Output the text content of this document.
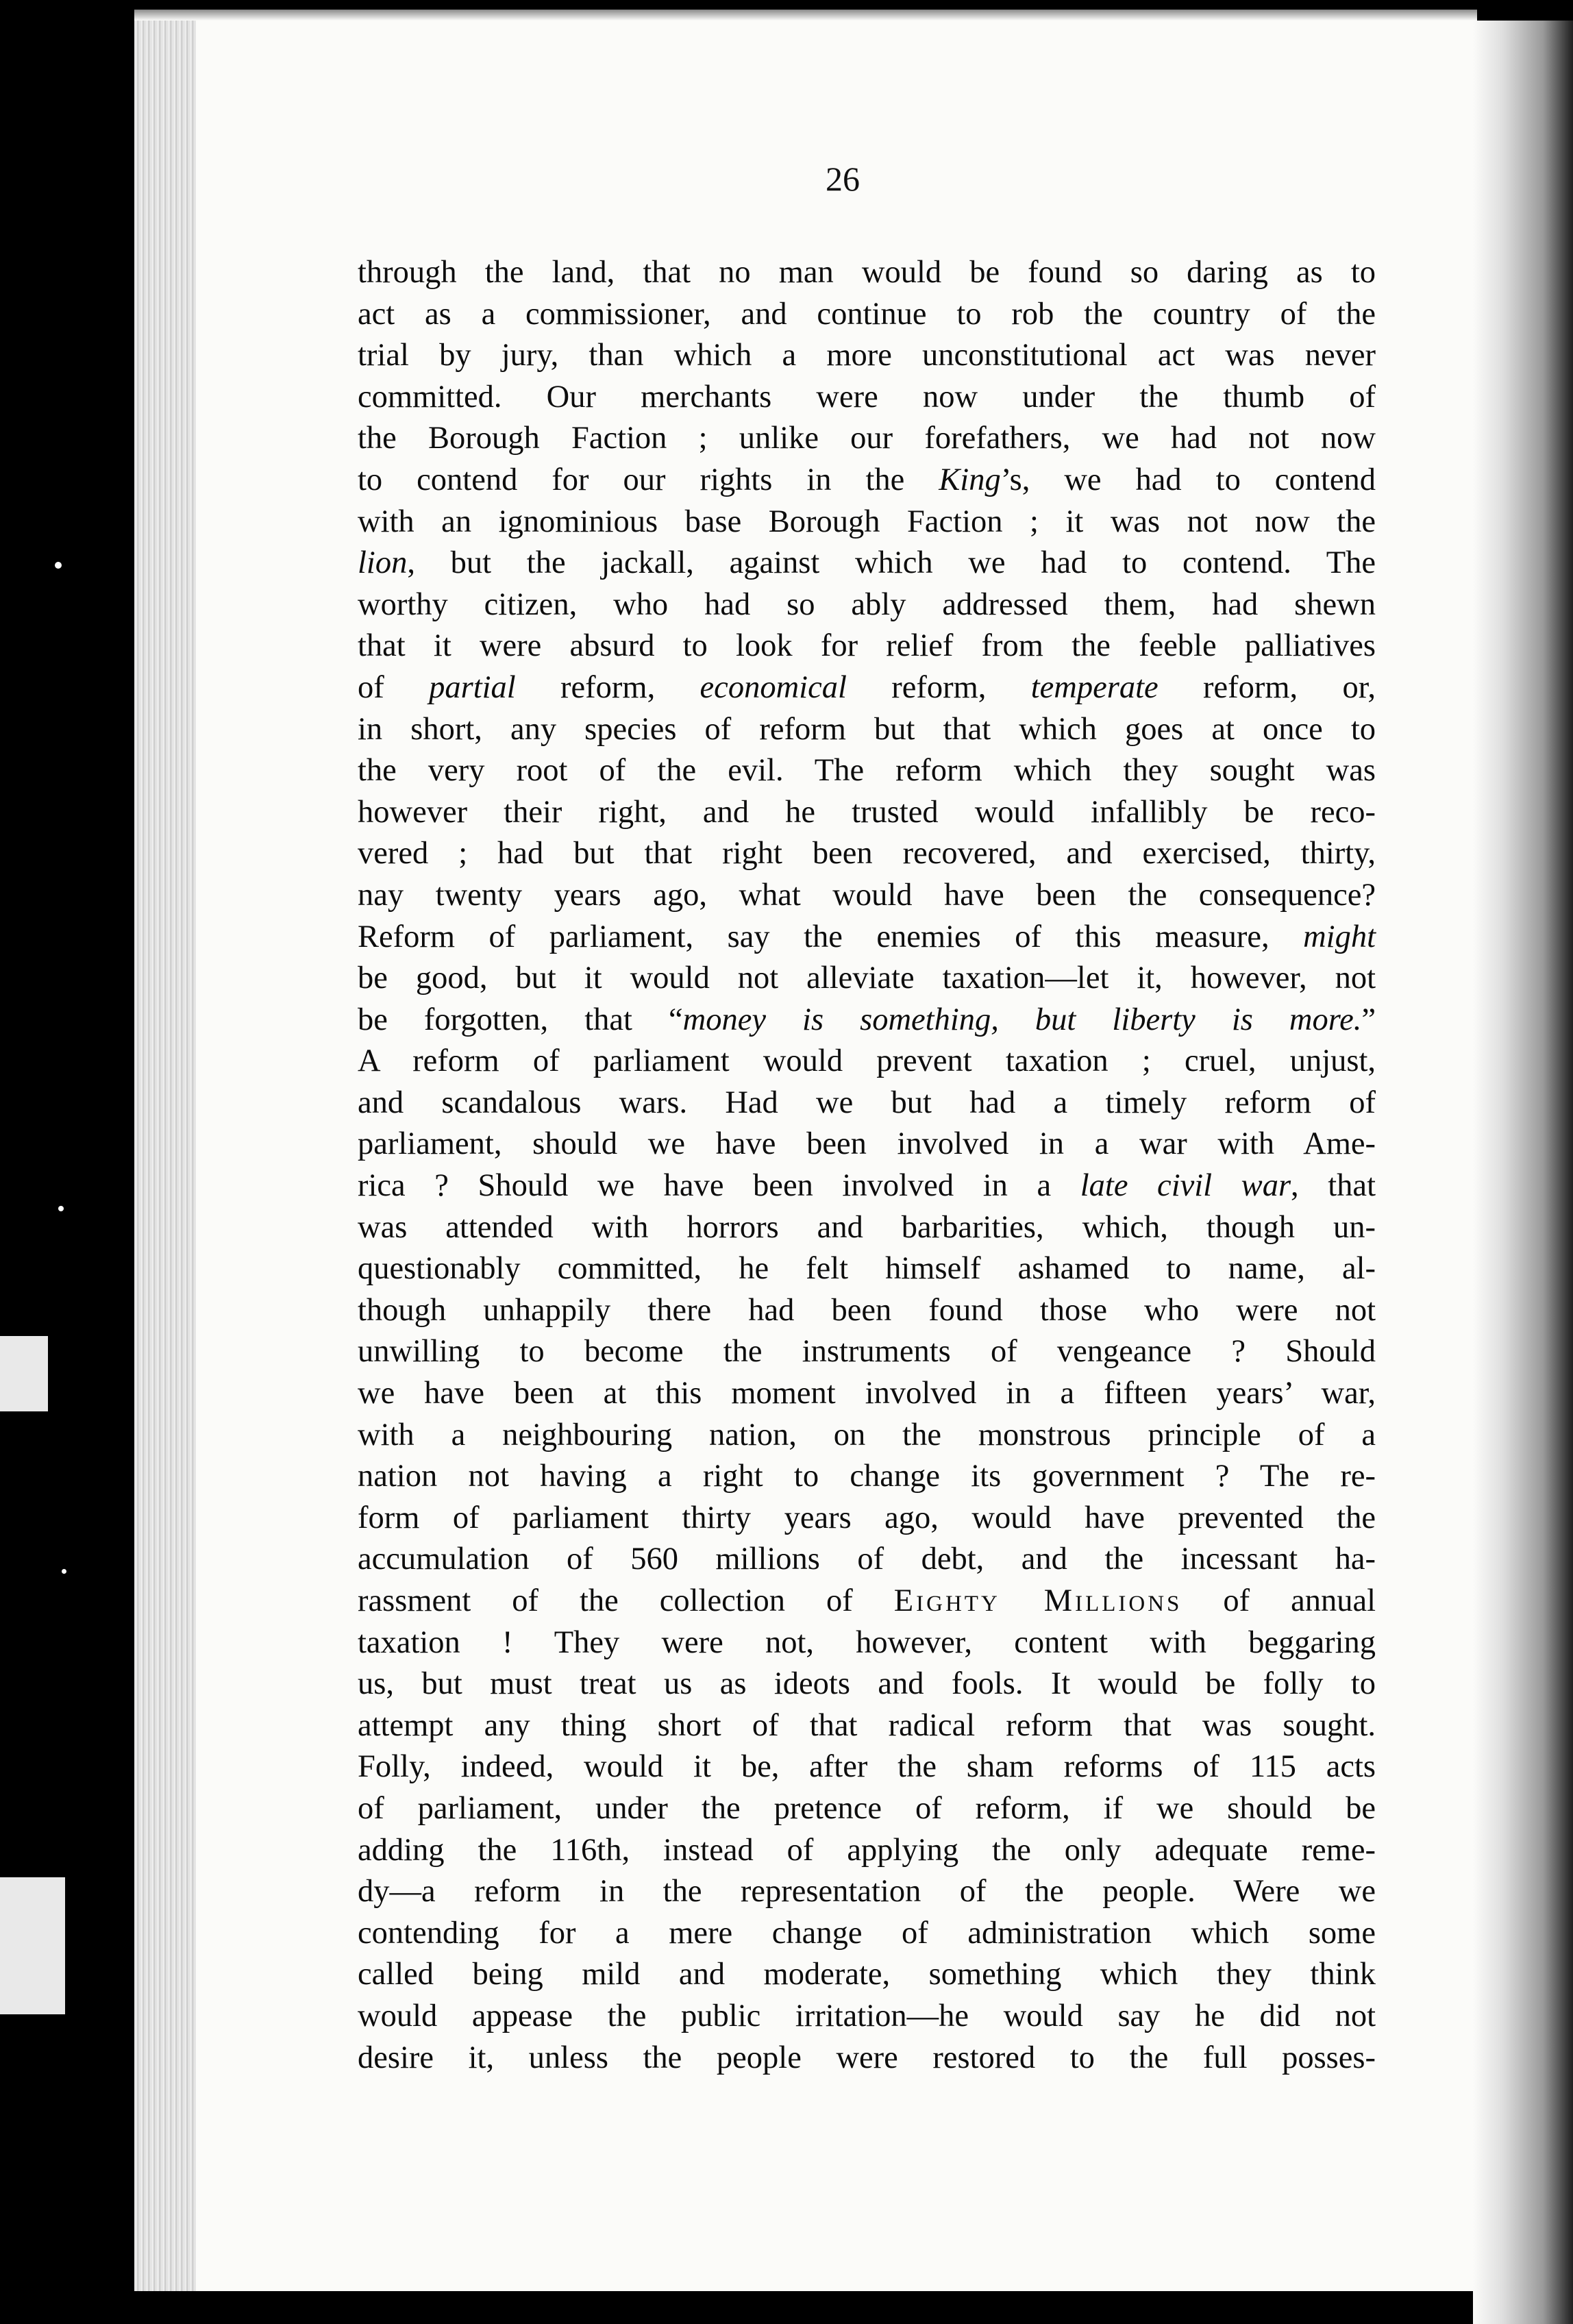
26
through the land, that no man would be found so daring as to
act as a commissioner, and continue to rob the country of the
trial by jury, than which a more unconstitutional act was never
committed. Our merchants were now under the thumb of
the Borough Faction ; unlike our forefathers, we had not now
to contend for our rights in the King’s, we had to contend
with an ignominious base Borough Faction ; it was not now the
lion, but the jackall, against which we had to contend. The
worthy citizen, who had so ably addressed them, had shewn
that it were absurd to look for relief from the feeble palliatives
of partial reform, economical reform, temperate reform, or,
in short, any species of reform but that which goes at once to
the very root of the evil. The reform which they sought was
however their right, and he trusted would infallibly be reco-
vered ; had but that right been recovered, and exercised, thirty,
nay twenty years ago, what would have been the consequence?
Reform of parliament, say the enemies of this measure, might
be good, but it would not alleviate taxation—let it, however, not
be forgotten, that “money is something, but liberty is more.”
A reform of parliament would prevent taxation ; cruel, unjust,
and scandalous wars. Had we but had a timely reform of
parliament, should we have been involved in a war with Ame-
rica ? Should we have been involved in a late civil war, that
was attended with horrors and barbarities, which, though un-
questionably committed, he felt himself ashamed to name, al-
though unhappily there had been found those who were not
unwilling to become the instruments of vengeance ? Should
we have been at this moment involved in a fifteen years’ war,
with a neighbouring nation, on the monstrous principle of a
nation not having a right to change its government ? The re-
form of parliament thirty years ago, would have prevented the
accumulation of 560 millions of debt, and the incessant ha-
rassment of the collection of Eighty Millions of annual
taxation ! They were not, however, content with beggaring
us, but must treat us as ideots and fools. It would be folly to
attempt any thing short of that radical reform that was sought.
Folly, indeed, would it be, after the sham reforms of 115 acts
of parliament, under the pretence of reform, if we should be
adding the 116th, instead of applying the only adequate reme-
dy—a reform in the representation of the people. Were we
contending for a mere change of administration which some
called being mild and moderate, something which they think
would appease the public irritation—he would say he did not
desire it, unless the people were restored to the full posses-
